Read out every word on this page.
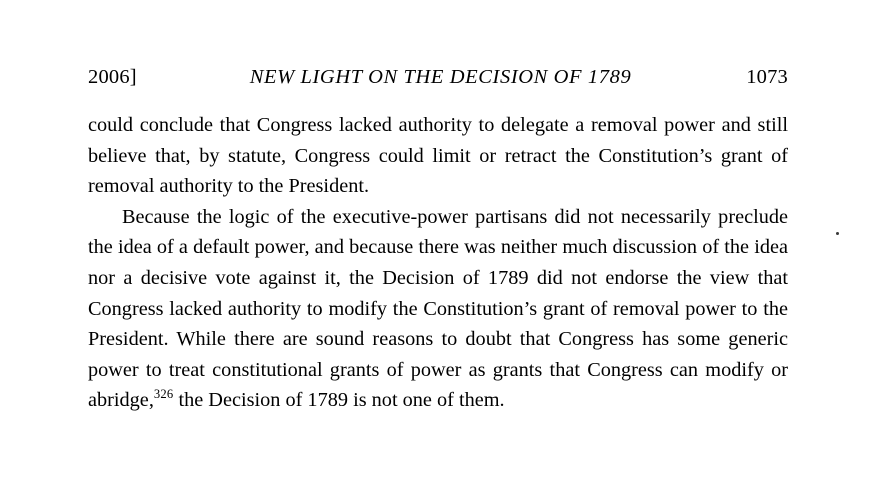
2006]	NEW LIGHT ON THE DECISION OF 1789	1073

could conclude that Congress lacked authority to delegate a removal power and still believe that, by statute, Congress could limit or retract the Constitution’s grant of removal authority to the President.

Because the logic of the executive-power partisans did not necessarily preclude the idea of a default power, and because there was neither much discussion of the idea nor a decisive vote against it, the Decision of 1789 did not endorse the view that Congress lacked authority to modify the Constitution’s grant of removal power to the President. While there are sound reasons to doubt that Congress has some generic power to treat constitutional grants of power as grants that Congress can modify or abridge,$^{326}$ the Decision of 1789 is not one of them.
